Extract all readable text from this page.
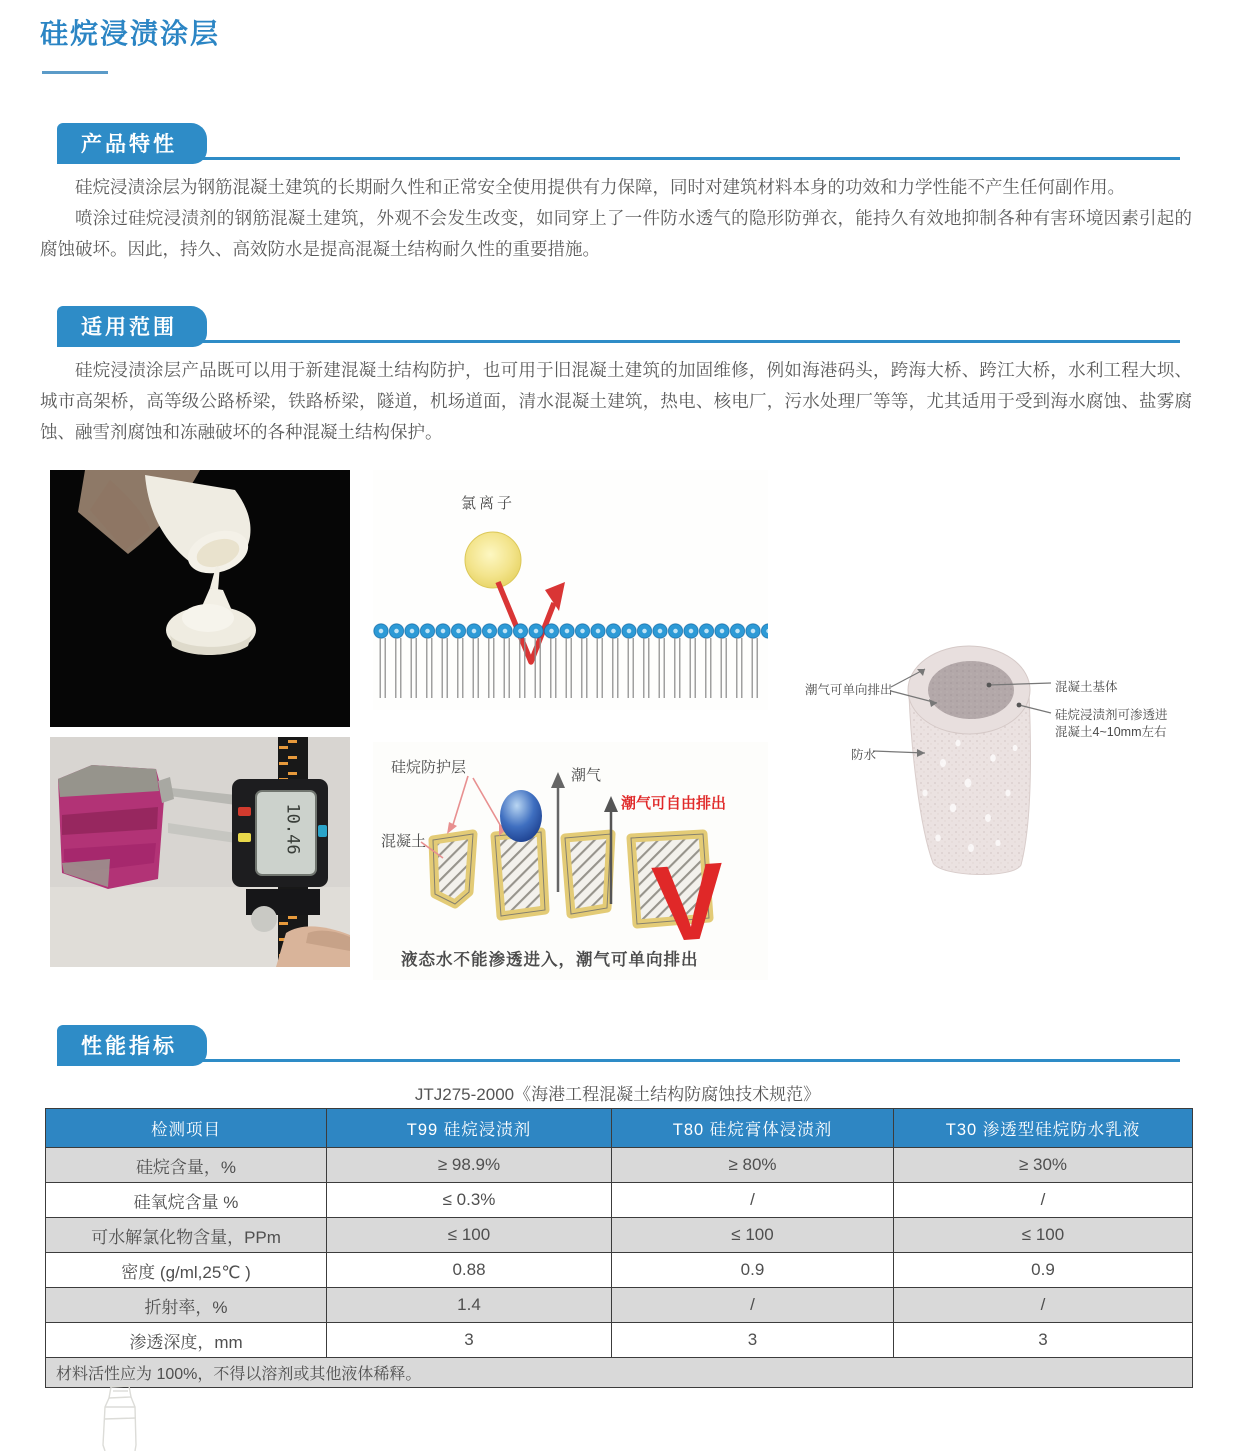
硅烷浸渍涂层
产品特性

硅烷浸渍涂层为钢筋混凝土建筑的长期耐久性和正常安全使用提供有力保障，同时对建筑材料本身的功效和力学性能不产生任何副作用。

喷涂过硅烷浸渍剂的钢筋混凝土建筑，外观不会发生改变，如同穿上了一件防水透气的隐形防弹衣，能持久有效地抑制各种有害环境因素引起的腐蚀破坏。因此，持久、高效防水是提高混凝土结构耐久性的重要措施。

适用范围

硅烷浸渍涂层产品既可以用于新建混凝土结构防护，也可用于旧混凝土建筑的加固维修，例如海港码头，跨海大桥、跨江大桥，水利工程大坝、城市高架桥，高等级公路桥梁，铁路桥梁，隧道，机场道面，清水混凝土建筑，热电、核电厂，污水处理厂等等，尤其适用于受到海水腐蚀、盐雾腐蚀、融雪剂腐蚀和冻融破坏的各种混凝土结构保护。

氯离子
10.46
V
硅烷防护层
混凝土
潮气
潮气可自由排出
液态水不能渗透进入，潮气可单向排出
潮气可单向排出	混凝土基体
硅烷浸渍剂可渗透进
混凝土4~10mm左右
防水
性能指标
JTJ275-2000《海港工程混凝土结构防腐蚀技术规范》
检测项目	T99 硅烷浸渍剂	T80 硅烷膏体浸渍剂	T30 渗透型硅烷防水乳液
硅烷含量，%	≥ 98.9%	≥ 80%	≥ 30%
硅氧烷含量 %	≤ 0.3%	/	/
可水解氯化物含量，PPm	≤ 100	≤ 100	≤ 100
密度 (g/ml,25℃ )	0.88	0.9	0.9
折射率，%	1.4	/	/
渗透深度，mm	3	3	3
材料活性应为 100%，不得以溶剂或其他液体稀释。			
